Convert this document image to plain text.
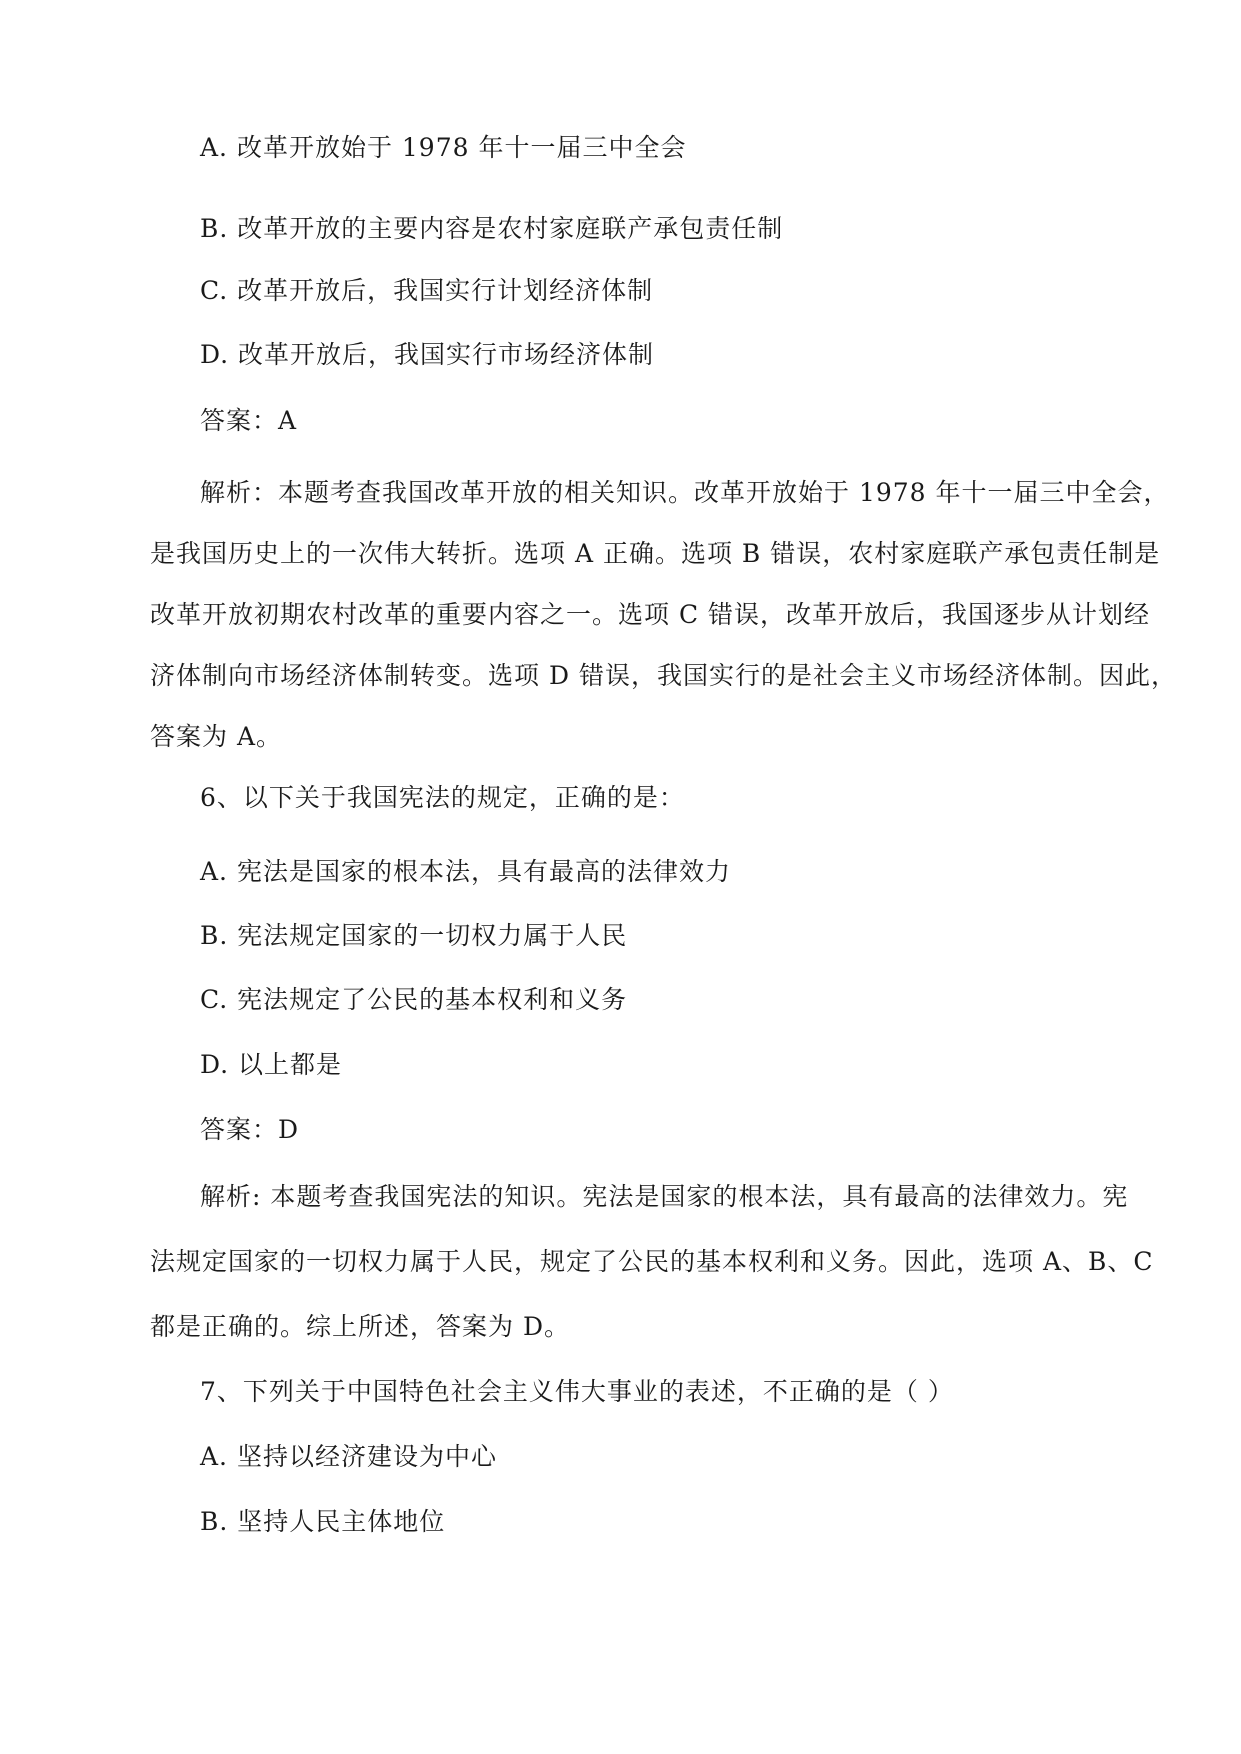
A. 改革开放始于 1978 年十一届三中全会
B. 改革开放的主要内容是农村家庭联产承包责任制
C. 改革开放后，我国实行计划经济体制
D. 改革开放后，我国实行市场经济体制
答案：A
解析：本题考查我国改革开放的相关知识。改革开放始于 1978 年十一届三中全会，
是我国历史上的一次伟大转折。选项 A 正确。选项 B 错误，农村家庭联产承包责任制是
改革开放初期农村改革的重要内容之一。选项 C 错误，改革开放后，我国逐步从计划经
济体制向市场经济体制转变。选项 D 错误，我国实行的是社会主义市场经济体制。因此，
答案为 A。
6、以下关于我国宪法的规定，正确的是：
A. 宪法是国家的根本法，具有最高的法律效力
B. 宪法规定国家的一切权力属于人民
C. 宪法规定了公民的基本权利和义务
D. 以上都是
答案：D
解析: 本题考查我国宪法的知识。宪法是国家的根本法，具有最高的法律效力。宪
法规定国家的一切权力属于人民，规定了公民的基本权利和义务。因此，选项 A、B、C
都是正确的。综上所述，答案为 D。
7、下列关于中国特色社会主义伟大事业的表述，不正确的是（ ）
A. 坚持以经济建设为中心
B. 坚持人民主体地位
